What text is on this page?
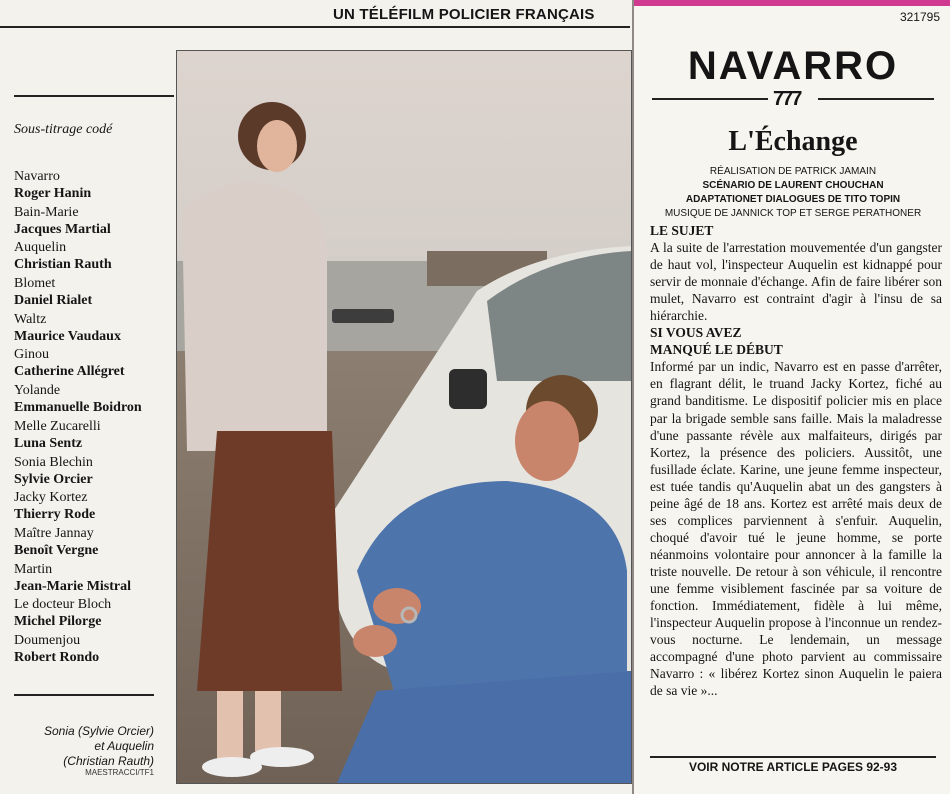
UN TÉLÉFILM POLICIER FRANÇAIS
Sous-titrage codé
Navarro
Roger Hanin
Bain-Marie
Jacques Martial
Auquelin
Christian Rauth
Blomet
Daniel Rialet
Waltz
Maurice Vaudaux
Ginou
Catherine Allégret
Yolande
Emmanuelle Boidron
Melle Zucarelli
Luna Sentz
Sonia Blechin
Sylvie Orcier
Jacky Kortez
Thierry Rode
Maître Jannay
Benoît Vergne
Martin
Jean-Marie Mistral
Le docteur Bloch
Michel Pilorge
Doumenjou
Robert Rondo
Sonia (Sylvie Orcier)
et Auquelin
(Christian Rauth)
MAESTRACCI/TF1
321795
NAVARRO
777
L'Échange
RÉALISATION DE PATRICK JAMAIN
SCÉNARIO DE LAURENT CHOUCHAN
ADAPTATIONET DIALOGUES DE TITO TOPIN
MUSIQUE DE JANNICK TOP ET SERGE PERATHONER
LE SUJET

A la suite de l'arrestation mouvementée d'un gangster de haut vol, l'inspecteur Auquelin est kidnappé pour servir de monnaie d'échange. Afin de faire libérer son mulet, Navarro est contraint d'agir à l'insu de sa hiérarchie.

SI VOUS AVEZ
MANQUÉ LE DÉBUT

Informé par un indic, Navarro est en passe d'arrêter, en flagrant délit, le truand Jacky Kortez, fiché au grand banditisme. Le dispositif policier mis en place par la brigade semble sans faille. Mais la maladresse d'une passante révèle aux malfaiteurs, dirigés par Kortez, la présence des policiers. Aussitôt, une fusillade éclate. Karine, une jeune femme inspecteur, est tuée tandis qu'Auquelin abat un des gangsters à peine âgé de 18 ans. Kortez est arrêté mais deux de ses complices parviennent à s'enfuir. Auquelin, choqué d'avoir tué le jeune homme, se porte néanmoins volontaire pour annoncer à la famille la triste nouvelle. De retour à son véhicule, il rencontre une femme visiblement fascinée par sa voiture de fonction. Immédiatement, fidèle à lui même, l'inspecteur Auquelin propose à l'inconnue un rendez-vous nocturne. Le lendemain, un message accompagné d'une photo parvient au commissaire Navarro : « libérez Kortez sinon Auquelin le paiera de sa vie »...

VOIR NOTRE ARTICLE PAGES 92-93
